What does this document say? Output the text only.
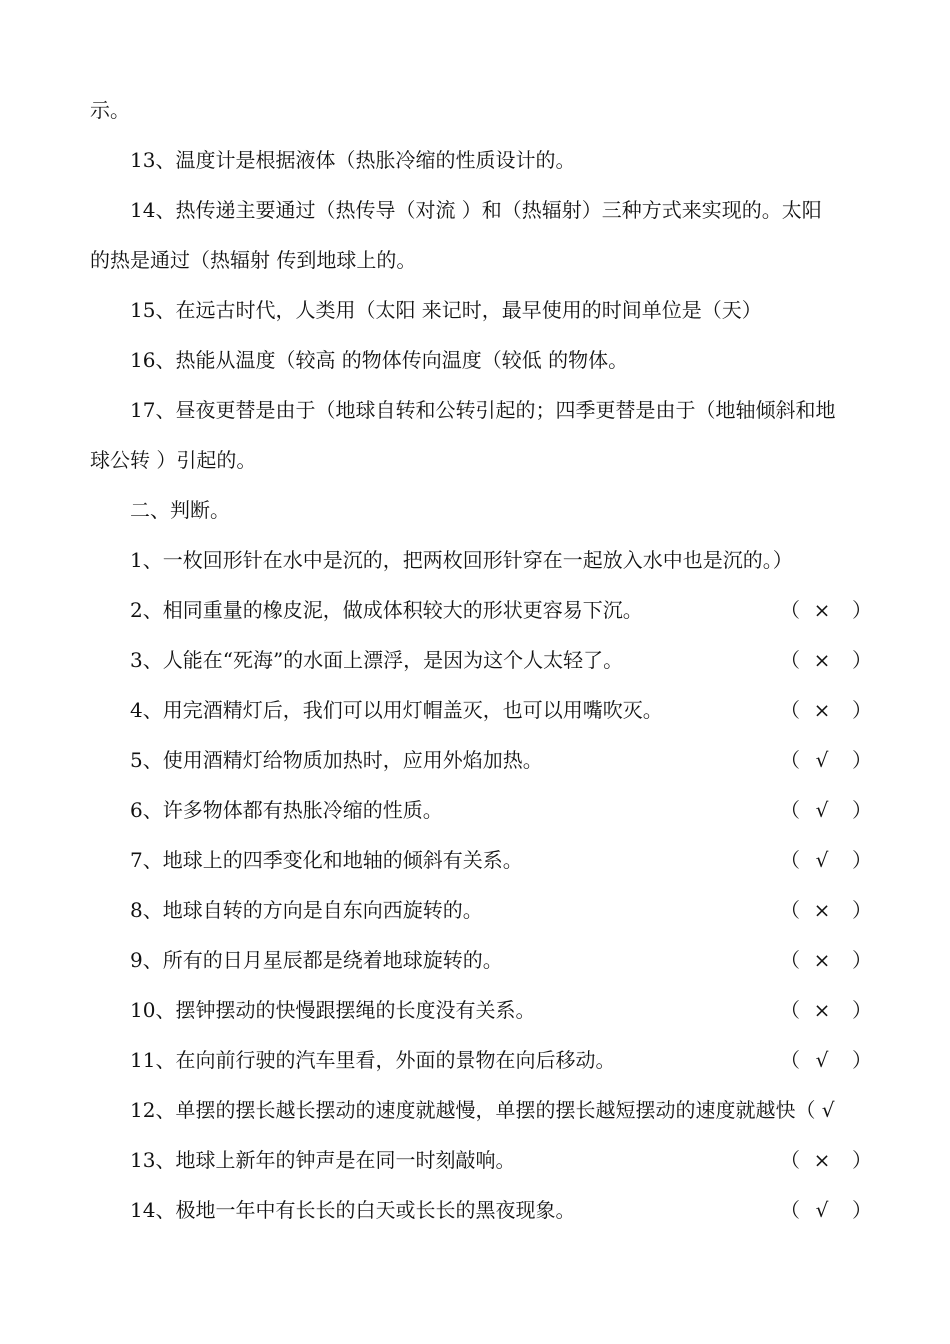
示。
13、温度计是根据液体（热胀冷缩的性质设计的。
14、热传递主要通过（热传导（对流 ）和（热辐射）三种方式来实现的。太阳
的热是通过（热辐射 传到地球上的。
15、在远古时代，人类用（太阳 来记时，最早使用的时间单位是（天）
16、热能从温度（较高 的物体传向温度（较低 的物体。
17、昼夜更替是由于（地球自转和公转引起的；四季更替是由于（地轴倾斜和地
球公转 ）引起的。
二、判断。
1、一枚回形针在水中是沉的，把两枚回形针穿在一起放入水中也是沉的。）
2、相同重量的橡皮泥，做成体积较大的形状更容易下沉。	（ × ）
3、人能在“死海”的水面上漂浮，是因为这个人太轻了。	（ × ）
4、用完酒精灯后，我们可以用灯帽盖灭，也可以用嘴吹灭。	（ × ）
5、使用酒精灯给物质加热时，应用外焰加热。	（ √ ）
6、许多物体都有热胀冷缩的性质。	（ √ ）
7、地球上的四季变化和地轴的倾斜有关系。	（ √ ）
8、地球自转的方向是自东向西旋转的。	（ × ）
9、所有的日月星辰都是绕着地球旋转的。	（ × ）
10、摆钟摆动的快慢跟摆绳的长度没有关系。	（ × ）
11、在向前行驶的汽车里看，外面的景物在向后移动。	（ √ ）
12、单摆的摆长越长摆动的速度就越慢，单摆的摆长越短摆动的速度就越快（ √
13、地球上新年的钟声是在同一时刻敲响。	（ × ）
14、极地一年中有长长的白天或长长的黑夜现象。	（ √ ）
